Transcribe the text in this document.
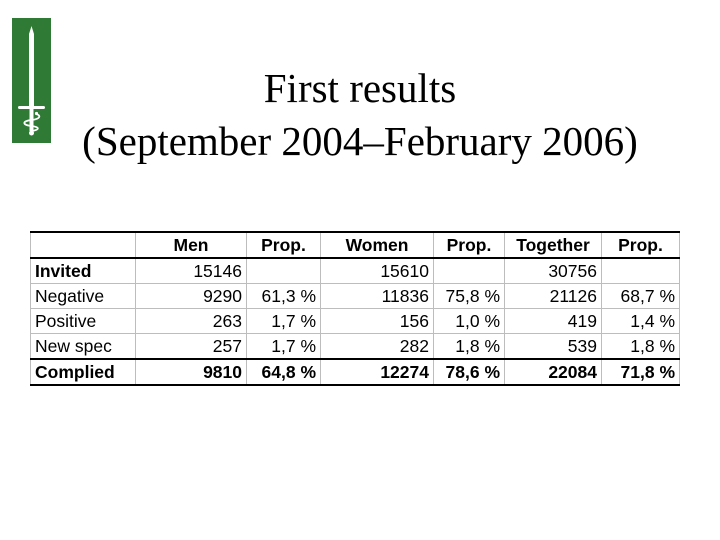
First results
(September 2004–February 2006)
	Men	Prop.	Women	Prop.	Together	Prop.
Invited	15146		15610		30756	
Negative	9290	61,3 %	11836	75,8 %	21126	68,7 %
Positive	263	1,7 %	156	1,0 %	419	1,4 %
New spec	257	1,7 %	282	1,8 %	539	1,8 %
Complied	9810	64,8 %	12274	78,6 %	22084	71,8 %
